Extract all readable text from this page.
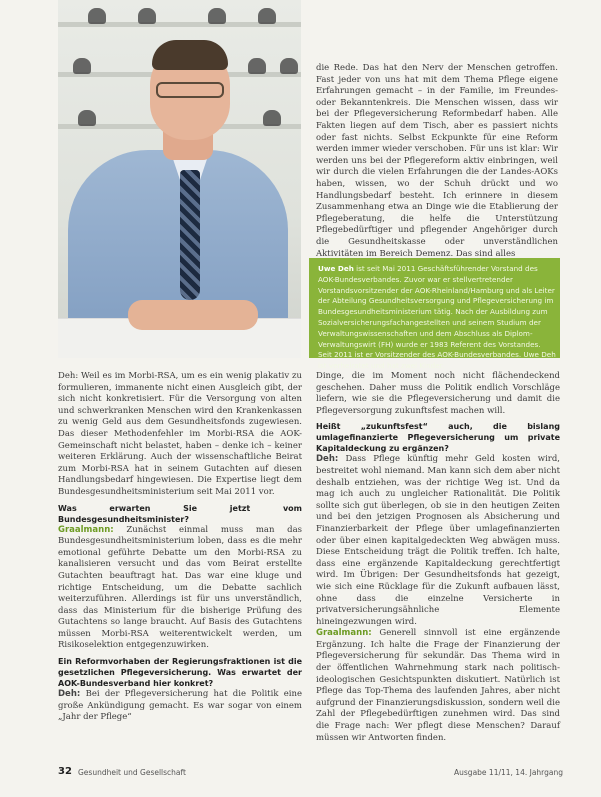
die Rede. Das hat den Nerv der Menschen getroffen. Fast jeder von uns hat mit dem Thema Pflege eigene Erfahrungen gemacht – in der Familie, im Freundes- oder Bekanntenkreis. Die Menschen wissen, dass wir bei der Pflegeversicherung Reformbedarf haben. Alle Fakten liegen auf dem Tisch, aber es passiert nichts oder fast nichts. Selbst Eckpunkte für eine Reform werden immer wieder verschoben. Für uns ist klar: Wir werden uns bei der Pflegereform aktiv einbringen, weil wir durch die vielen Erfahrungen die der Landes-AOKs haben, wissen, wo der Schuh drückt und wo Handlungsbedarf besteht. Ich erinnere in diesem Zusammenhang etwa an Dinge wie die Etablierung der Pflegeberatung, die helfe die Unterstützung Pflegebedürftiger und pflegender Angehöriger durch die Gesundheitskasse oder unverständlichen Aktivitäten im Bereich Demenz. Das sind alles

Uwe Deh ist seit Mai 2011 Geschäftsführender Vorstand des AOK-Bundesverbandes. Zuvor war er stellvertretender Vorstandsvorsitzender der AOK-Rheinland/Hamburg und als Leiter der Abteilung Gesundheitsversorgung und Pflegeversicherung im Bundesgesundheitsministerium tätig. Nach der Ausbildung zum Sozialversicherungsfachangestellten und seinem Studium der Verwaltungswissenschaften und dem Abschluss als Diplom-Verwaltungswirt (FH) wurde er 1983 Referent des Vorstandes. Seit 2011 ist er Vorsitzender des AOK-Bundesverbandes. Uwe Deh ist verheiratet und hat zwei Kinder.

Deh: Weil es im Morbi-RSA, um es ein wenig plakativ zu formulieren, immanente nicht einen Ausgleich gibt, der sich nicht konkretisiert. Für die Versorgung von alten und schwerkranken Menschen wird den Krankenkassen zu wenig Geld aus dem Gesundheitsfonds zugewiesen. Das dieser Methodenfehler im Morbi-RSA die AOK-Gemeinschaft nicht belastet, haben – denke ich – keiner weiteren Erklärung. Auch der wissenschaftliche Beirat zum Morbi-RSA hat in seinem Gutachten auf diesen Handlungsbedarf hingewiesen. Die Expertise liegt dem Bundesgesundheitsministerium seit Mai 2011 vor.

Was erwarten Sie jetzt vom Bundesgesundheitsminister?

Graalmann: Zunächst einmal muss man das Bundesgesundheitsministerium loben, dass es die mehr emotional geführte Debatte um den Morbi-RSA zu kanalisieren versucht und das vom Beirat erstellte Gutachten beauftragt hat. Das war eine kluge und richtige Entscheidung, um die Debatte sachlich weiterzuführen. Allerdings ist für uns unverständlich, dass das Ministerium für die bisherige Prüfung des Gutachtens so lange braucht. Auf Basis des Gutachtens müssen Morbi-RSA weiterentwickelt werden, um Risikoselektion entgegenzuwirken.

Ein Reformvorhaben der Regierungsfraktionen ist die gesetzlichen Pflegeversicherung. Was erwartet der AOK-Bundesverband hier konkret?

Deh: Bei der Pflegeversicherung hat die Politik eine große Ankündigung gemacht. Es war sogar von einem „Jahr der Pflege“

Dinge, die im Moment noch nicht flächendeckend geschehen. Daher muss die Politik endlich Vorschläge liefern, wie sie die Pflegeversicherung und damit die Pflegeversorgung zukunftsfest machen will.

Heißt „zukunftsfest“ auch, die bislang umlagefinanzierte Pflegeversicherung um private Kapitaldeckung zu ergänzen?

Deh: Dass Pflege künftig mehr Geld kosten wird, bestreitet wohl niemand. Man kann sich dem aber nicht deshalb entziehen, was der richtige Weg ist. Und da mag ich auch zu ungleicher Rationalität. Die Politik sollte sich gut überlegen, ob sie in den heutigen Zeiten und bei den jetzigen Prognosen als Absicherung und Finanzierbarkeit der Pflege über umlagefinanzierten oder über einen kapitalgedeckten Weg abwägen muss. Diese Entscheidung trägt die Politik treffen. Ich halte, dass eine ergänzende Kapitaldeckung gerechtfertigt wird. Im Übrigen: Der Gesundheitsfonds hat gezeigt, wie sich eine Rücklage für die Zukunft aufbauen lässt, ohne dass die einzelne Versicherte in privatversicherungsähnliche Elemente hineingezwungen wird.

Graalmann: Generell sinnvoll ist eine ergänzende Ergänzung. Ich halte die Frage der Finanzierung der Pflegeversicherung für sekundär. Das Thema wird in der öffentlichen Wahrnehmung stark nach politisch-ideologischen Gesichtspunkten diskutiert. Natürlich ist Pflege das Top-Thema des laufenden Jahres, aber nicht aufgrund der Finanzierungsdiskussion, sondern weil die Zahl der Pflegebedürftigen zunehmen wird. Das sind die Frage nach: Wer pflegt diese Menschen? Darauf müssen wir Antworten finden.

32 Gesundheit und Gesellschaft	Ausgabe 11/11, 14. Jahrgang
